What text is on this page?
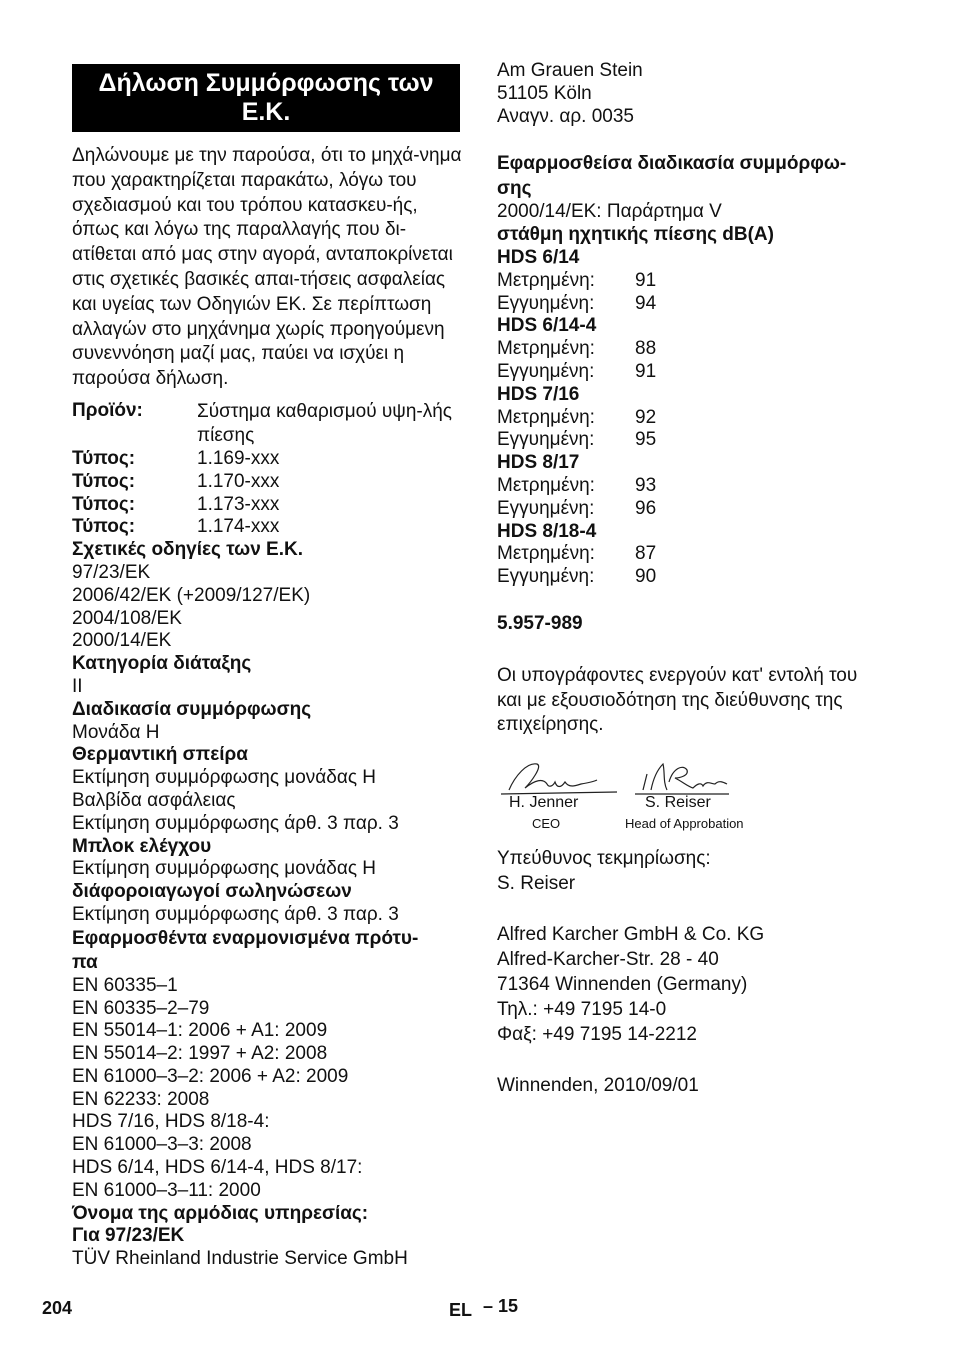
Δήλωση Συμμόρφωσης των Ε.Κ.
Δηλώνουμε με την παρούσα, ότι το μηχά-νημα που χαρακτηρίζεται παρακάτω, λόγω του σχεδιασμού και του τρόπου κατασκευ-ής, όπως και λόγω της παραλλαγής που δι-ατίθεται από μας στην αγορά, ανταποκρίνεται στις σχετικές βασικές απαι-τήσεις ασφαλείας και υγείας των Οδηγιών ΕΚ. Σε περίπτωση αλλαγών στο μηχάνημα χωρίς προηγούμενη συνεννόηση μαζί μας, παύει να ισχύει η παρούσα δήλωση.
Προϊόν:	Σύστημα καθαρισμού υψη-λής πίεσης
Τύπος:	1.169-xxx
Τύπος:	1.170-xxx
Τύπος:	1.173-xxx
Τύπος:	1.174-xxx
Σχετικές οδηγίες των Ε.Κ.
97/23/EK
2006/42/ΕΚ (+2009/127/ΕΚ)
2004/108/ΕΚ
2000/14/ΕΚ
Κατηγορία διάταξης
II
Διαδικασία συμμόρφωσης
Μονάδα H
Θερμαντική σπείρα
Εκτίμηση συμμόρφωσης μονάδας H
Βαλβίδα ασφάλειας
Εκτίμηση συμμόρφωσης άρθ. 3 παρ. 3
Μπλοκ ελέγχου
Εκτίμηση συμμόρφωσης μονάδας H
διάφοροιαγωγοί σωληνώσεων
Εκτίμηση συμμόρφωσης άρθ. 3 παρ. 3
Εφαρμοσθέντα εναρμονισμένα πρότυ-
πα
EN 60335–1
EN 60335–2–79
EN 55014–1: 2006 + A1: 2009
EN 55014–2: 1997 + A2: 2008
EN 61000–3–2: 2006 + A2: 2009
EN 62233: 2008
HDS 7/16, HDS 8/18-4:
EN 61000–3–3: 2008
HDS 6/14, HDS 6/14-4, HDS 8/17:
EN 61000–3–11: 2000
Όνομα της αρμόδιας υπηρεσίας:
Για 97/23/EK
TÜV Rheinland Industrie Service GmbH
Am Grauen Stein
51105 Köln
Αναγν. αρ. 0035
Εφαρμοσθείσα διαδικασία συμμόρφω-
σης
2000/14/ΕΚ: Παράρτημα V
στάθμη ηχητικής πίεσης dB(A)
HDS 6/14
Μετρημένη:	91
Εγγυημένη:	94
HDS 6/14-4
Μετρημένη:	88
Εγγυημένη:	91
HDS 7/16
Μετρημένη:	92
Εγγυημένη:	95
HDS 8/17
Μετρημένη:	93
Εγγυημένη:	96
HDS 8/18-4
Μετρημένη:	87
Εγγυημένη:	90
5.957-989
Οι υπογράφοντες ενεργούν κατ' εντολή του και με εξουσιοδότηση της διεύθυνσης της επιχείρησης.
H. Jenner	S. Reiser
CEO	Head of Approbation
Υπεύθυνος τεκμηρίωσης:
S. Reiser
Alfred Karcher GmbH & Co. KG
Alfred-Karcher-Str. 28 - 40
71364 Winnenden (Germany)
Τηλ.: +49 7195 14-0
Φαξ: +49 7195 14-2212
Winnenden, 2010/09/01
204	EL – 15
